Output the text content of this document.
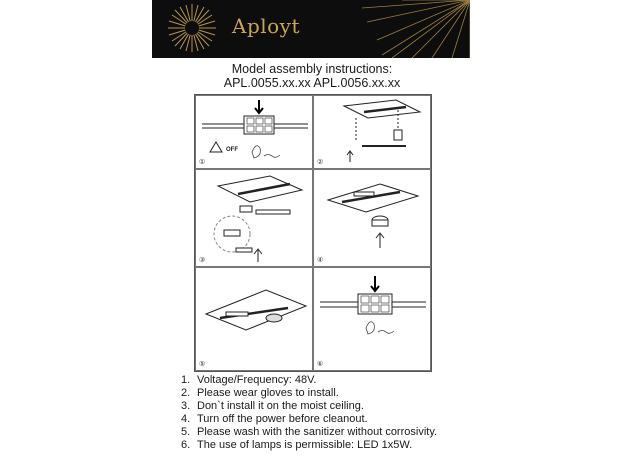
Aployt
Model assembly instructions:
APL.0055.xx.xx APL.0056.xx.xx
OFF
①	②
③	④
⑤	⑥
1. Voltage/Frequency: 48V.
2. Please wear gloves to install.
3. Don`t install it on the moist ceiling.
4. Turn off the power before cleanout.
5. Please wash with the sanitizer without corrosivity.
6. The use of lamps is permissible: LED 1x5W.
